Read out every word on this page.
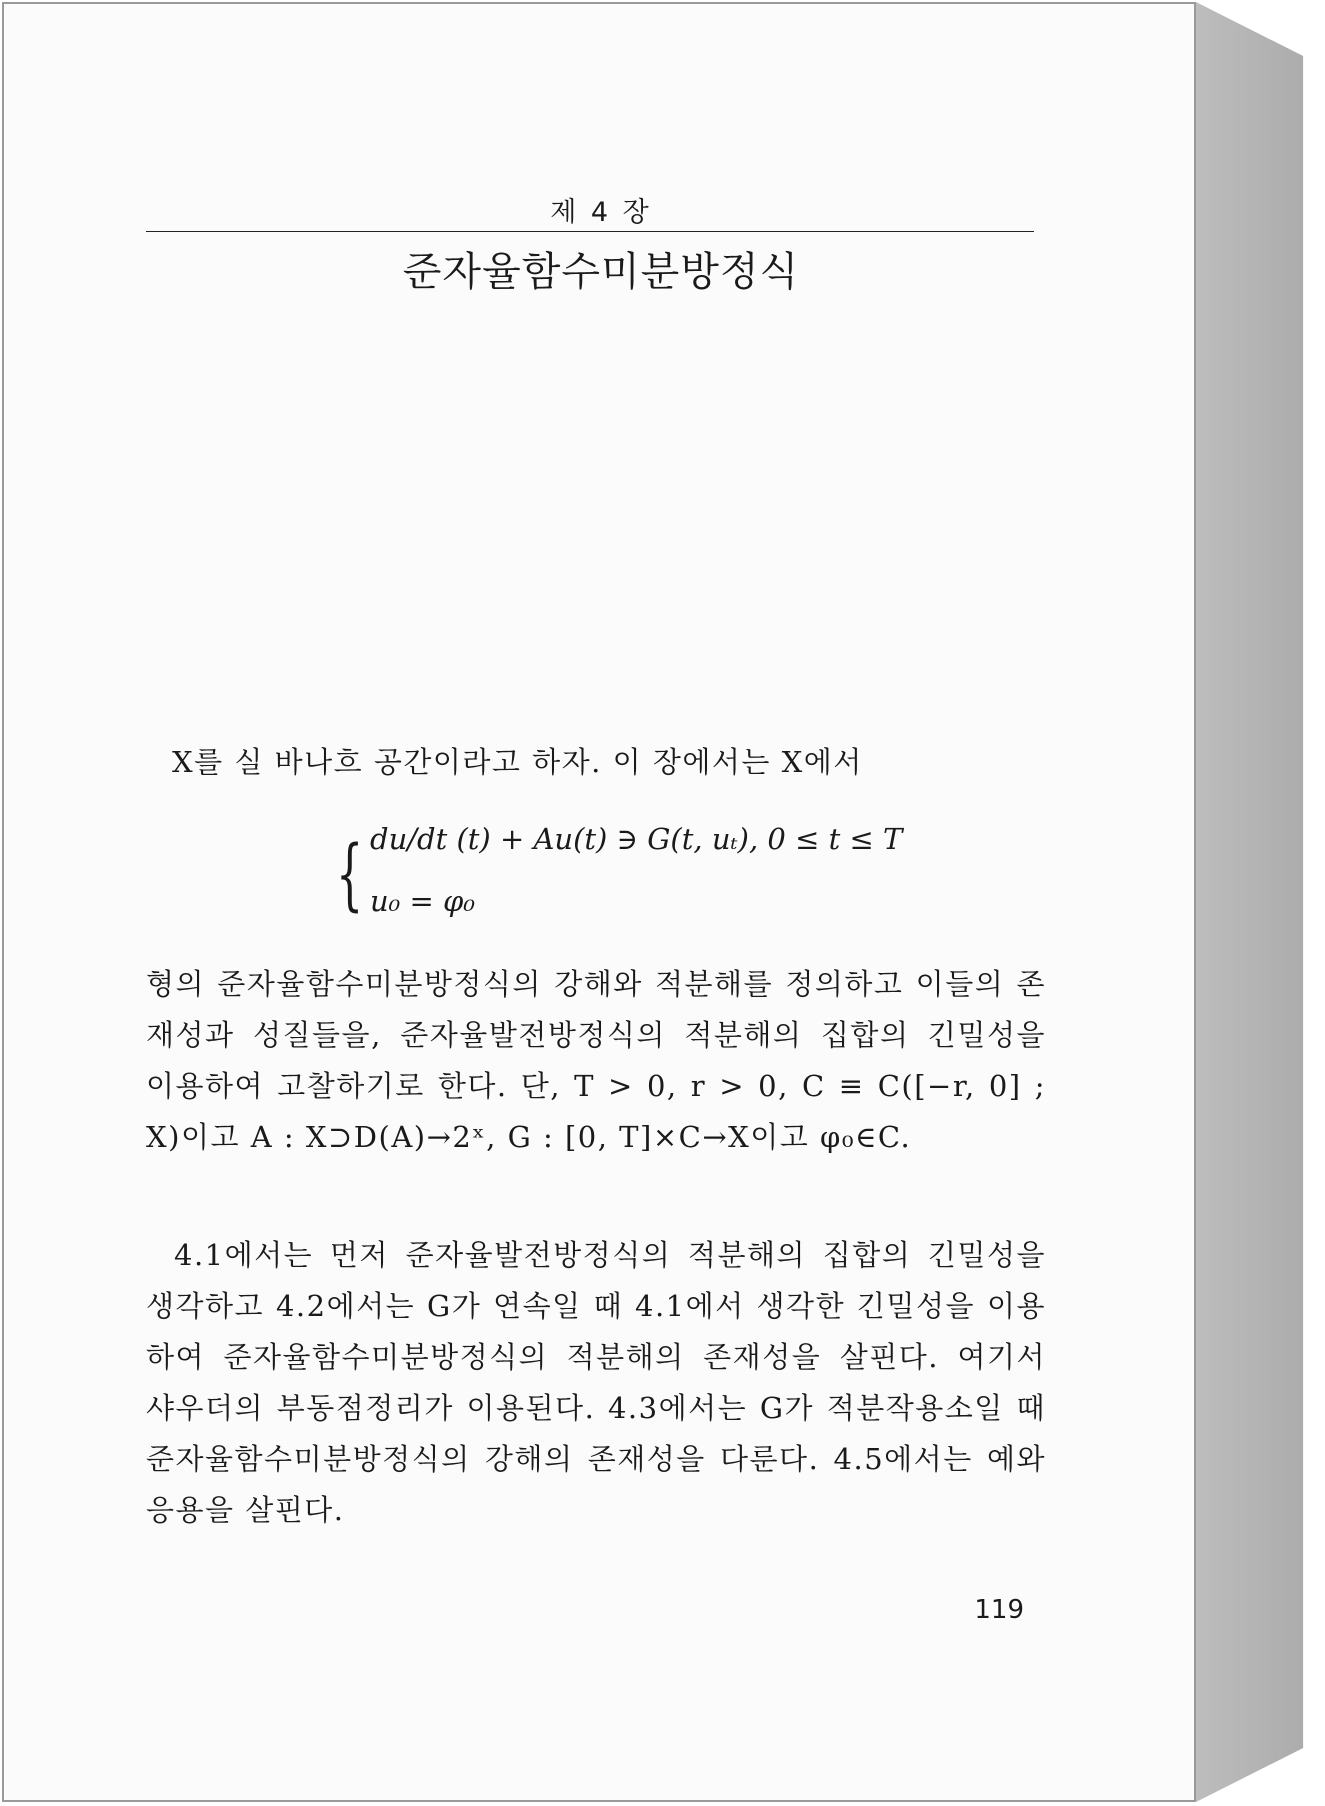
제 4 장
준자율함수미분방정식

X를 실 바나흐 공간이라고 하자. 이 장에서는 X에서

{ du/dt (t) + Au(t) ∋ G(t, uₜ), 0 ≤ t ≤ T
u₀ = φ₀

형의 준자율함수미분방정식의 강해와 적분해를 정의하고 이들의 존재성과 성질들을, 준자율발전방정식의 적분해의 집합의 긴밀성을 이용하여 고찰하기로 한다. 단, T > 0, r > 0, C ≡ C([−r, 0] ; X)이고 A : X⊃D(A)→2ˣ, G : [0, T]×C→X이고 φ₀∈C.

4.1에서는 먼저 준자율발전방정식의 적분해의 집합의 긴밀성을 생각하고 4.2에서는 G가 연속일 때 4.1에서 생각한 긴밀성을 이용하여 준자율함수미분방정식의 적분해의 존재성을 살핀다. 여기서 샤우더의 부동점정리가 이용된다. 4.3에서는 G가 적분작용소일 때 준자율함수미분방정식의 강해의 존재성을 다룬다. 4.5에서는 예와 응용을 살핀다.

119
